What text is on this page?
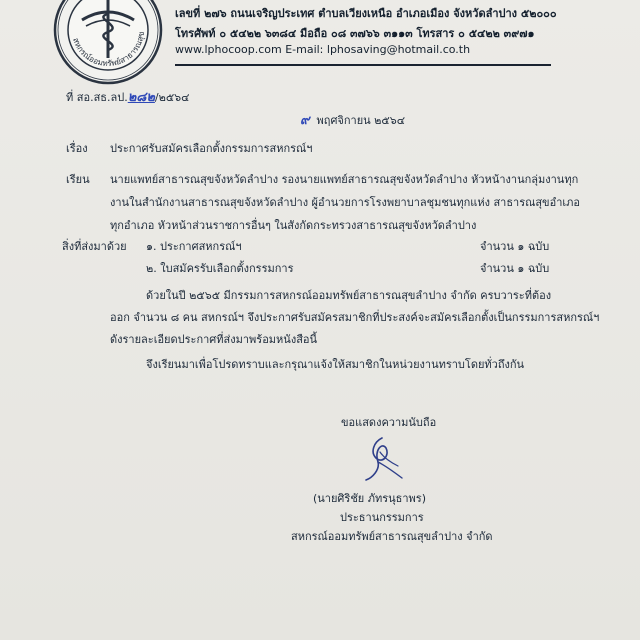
สหกรณ์ออมทรัพย์สาธารณสุข
เลขที่ ๒๗๖ ถนนเจริญประเทศ ตำบลเวียงเหนือ อำเภอเมือง จังหวัดลำปาง ๕๒๐๐๐
โทรศัพท์ ๐ ๕๔๒๒ ๖๓๘๔ มือถือ ๐๘ ๓๗๖๖ ๓๑๑๓ โทรสาร ๐ ๕๔๒๒ ๓๙๗๑
www.lphocoop.com E-mail: lphosaving@hotmail.co.th
ที่ สอ.สธ.ลป.๒๘๒/๒๕๖๔
๙ พฤศจิกายน ๒๕๖๔
เรื่อง ประกาศรับสมัครเลือกตั้งกรรมการสหกรณ์ฯ
เรียน นายแพทย์สาธารณสุขจังหวัดลำปาง รองนายแพทย์สาธารณสุขจังหวัดลำปาง หัวหน้างานกลุ่มงานทุก
งานในสำนักงานสาธารณสุขจังหวัดลำปาง ผู้อำนวยการโรงพยาบาลชุมชนทุกแห่ง สาธารณสุขอำเภอ
ทุกอำเภอ หัวหน้าส่วนราชการอื่นๆ ในสังกัดกระทรวงสาธารณสุขจังหวัดลำปาง
สิ่งที่ส่งมาด้วย ๑. ประกาศสหกรณ์ฯ	จำนวน ๑ ฉบับ
๒. ใบสมัครรับเลือกตั้งกรรมการ	จำนวน ๑ ฉบับ
ด้วยในปี ๒๕๖๕ มีกรรมการสหกรณ์ออมทรัพย์สาธารณสุขลำปาง จำกัด ครบวาระที่ต้อง
ออก จำนวน ๘ คน สหกรณ์ฯ จึงประกาศรับสมัครสมาชิกที่ประสงค์จะสมัครเลือกตั้งเป็นกรรมการสหกรณ์ฯ
ดังรายละเอียดประกาศที่ส่งมาพร้อมหนังสือนี้
จึงเรียนมาเพื่อโปรดทราบและกรุณาแจ้งให้สมาชิกในหน่วยงานทราบโดยทั่วถึงกัน
ขอแสดงความนับถือ
(นายศิริชัย ภัทรนุธาพร)
ประธานกรรมการ
สหกรณ์ออมทรัพย์สาธารณสุขลำปาง จำกัด
